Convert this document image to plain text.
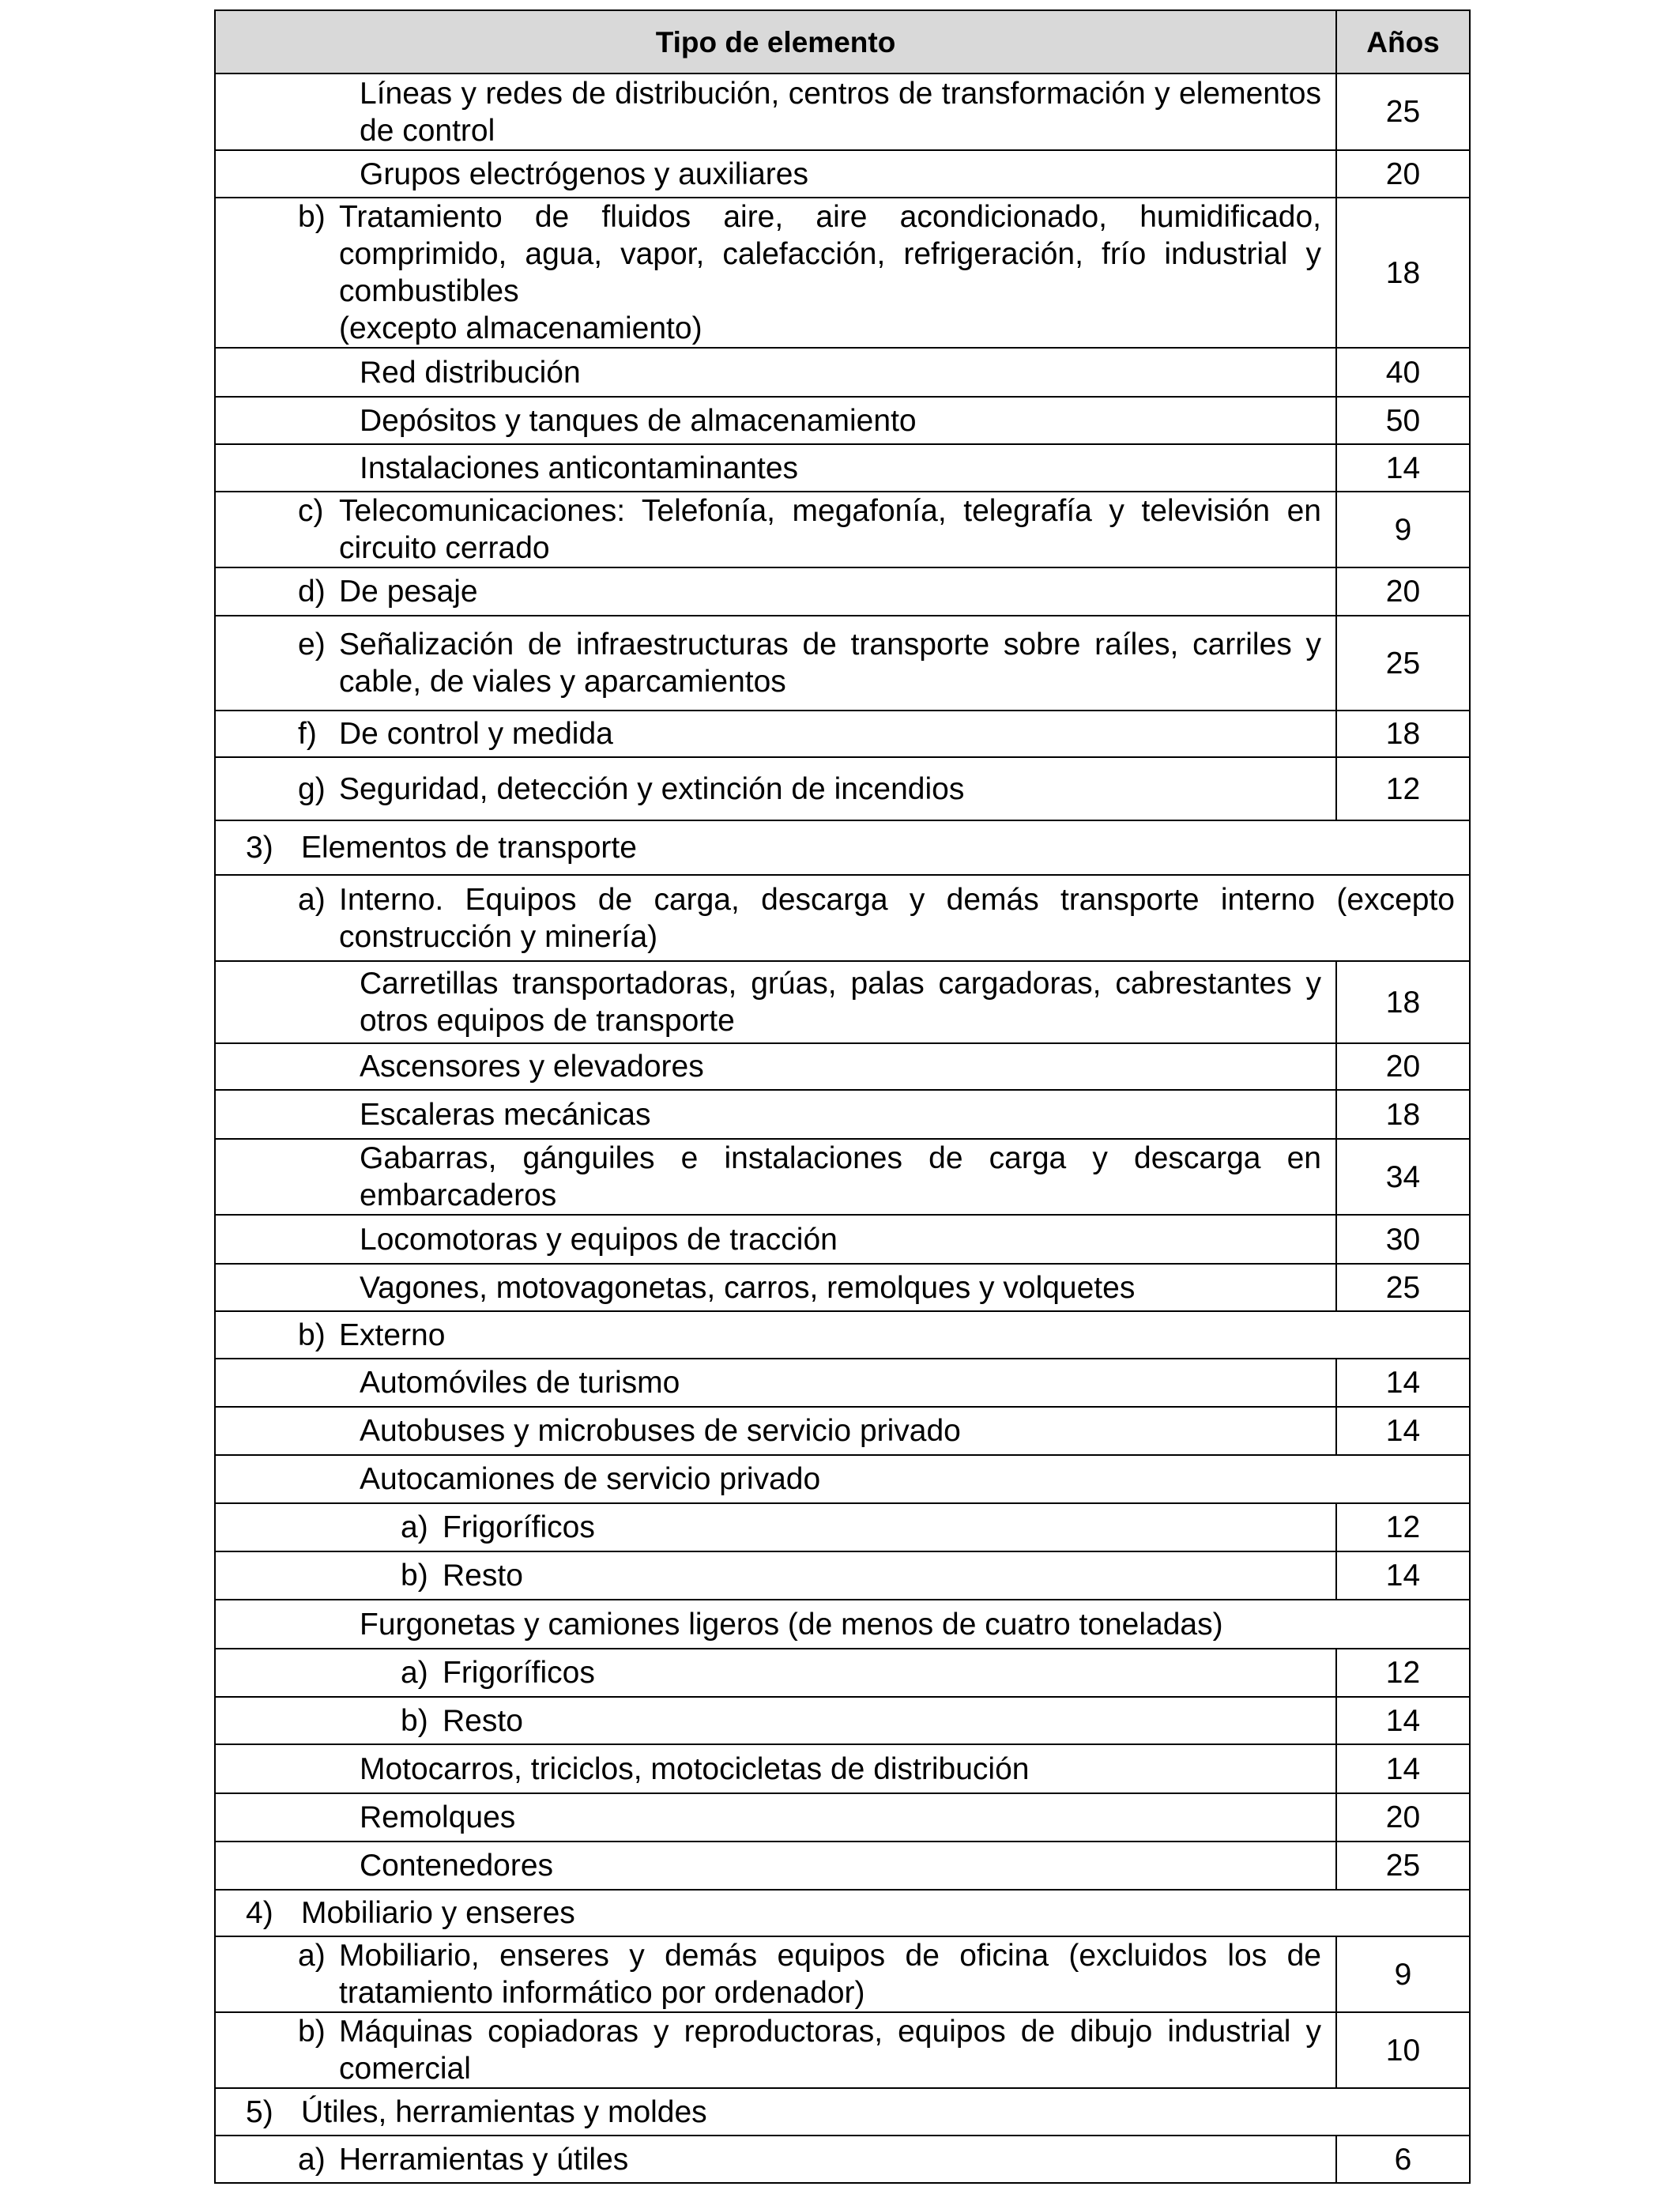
Tipo de elemento	Años

Líneas y redes de distribución, centros de transformación y elementos de control	25

Grupos electrógenos y auxiliares	20

b) Tratamiento de fluidos aire, aire acondicionado, humidificado, comprimido, agua, vapor, calefacción, refrigeración, frío industrial y combustibles
(excepto almacenamiento)	18

Red distribución	40

Depósitos y tanques de almacenamiento	50

Instalaciones anticontaminantes	14

c) Telecomunicaciones: Telefonía, megafonía, telegrafía y televisión en circuito cerrado	9

d) De pesaje	20

e) Señalización de infraestructuras de transporte sobre raíles, carriles y cable, de viales y aparcamientos	25

f) De control y medida	18

g) Seguridad, detección y extinción de incendios	12

3) Elementos de transporte	

a) Interno. Equipos de carga, descarga y demás transporte interno (excepto construcción y minería)	

Carretillas transportadoras, grúas, palas cargadoras, cabrestantes y otros equipos de transporte	18

Ascensores y elevadores	20

Escaleras mecánicas	18

Gabarras, gánguiles e instalaciones de carga y descarga en embarcaderos	34

Locomotoras y equipos de tracción	30

Vagones, motovagonetas, carros, remolques y volquetes	25

b) Externo	

Automóviles de turismo	14

Autobuses y microbuses de servicio privado	14

Autocamiones de servicio privado	

a) Frigoríficos	12

b) Resto	14

Furgonetas y camiones ligeros (de menos de cuatro toneladas)	

a) Frigoríficos	12

b) Resto	14

Motocarros, triciclos, motocicletas de distribución	14

Remolques	20

Contenedores	25

4) Mobiliario y enseres	

a) Mobiliario, enseres y demás equipos de oficina (excluidos los de tratamiento informático por ordenador)	9

b) Máquinas copiadoras y reproductoras, equipos de dibujo industrial y comercial	10

5) Útiles, herramientas y moldes	

a) Herramientas y útiles	6
